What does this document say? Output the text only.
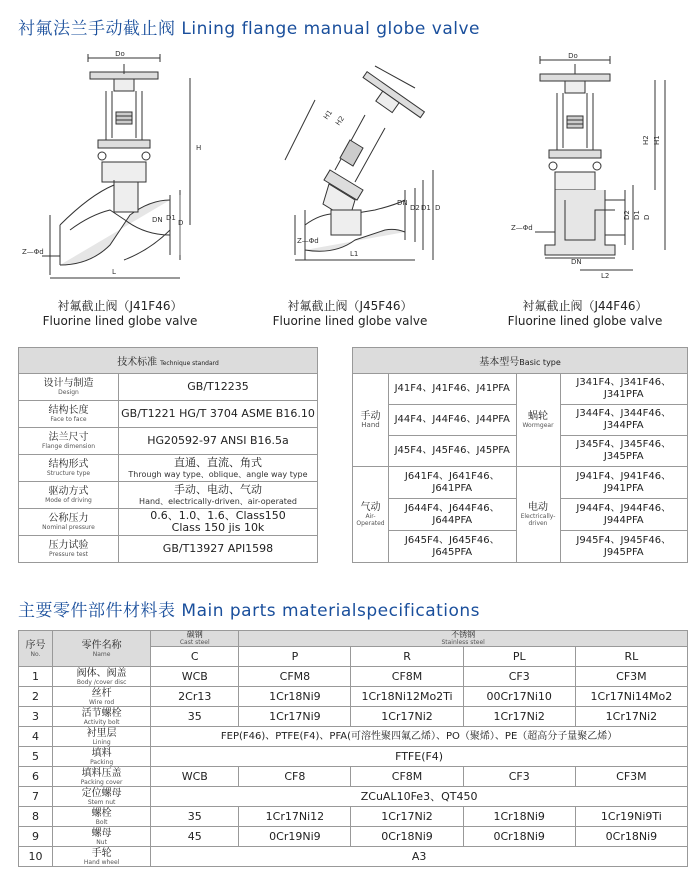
衬氟法兰手动截止阀 Lining flange manual globe valve
Do
H
D1
D
DN
L
Z—Φd
衬氟截止阀（J41F46）
Fluorine lined globe valve
H1 H2
DN
D2 D1 D
L1
Z—Φd
衬氟截止阀（J45F46）
Fluorine lined globe valve
Do
H2 H1
D2 D1 D
DN
L2
Z—Φd
衬氟截止阀（J44F46）
Fluorine lined globe valve
技术标准 Technique standard	

设计与制造
Design	GB/T12235

结构长度
Face to face	GB/T1221 HG/T 3704 ASME B16.10

法兰尺寸
Flange dimension	HG20592-97 ANSI B16.5a

结构形式
Structure type	直通、直流、角式
Through way type、oblique、angle way type

驱动方式
Mode of driving	手动、电动、气动
Hand、electrically-driven、air-operated

公称压力
Nominal pressure	0.6、1.0、1.6、Class150
Class 150 jis 10k

压力试验
Pressure test	GB/T13927 API1598
基本型号Basic type			

手动
Hand	J41F4、J41F46、J41PFA	蜗轮
Wormgear	J341F4、J341F46、J341PFA
	J44F4、J44F46、J44PFA		J344F4、J344F46、J344PFA
	J45F4、J45F46、J45PFA		J345F4、J345F46、J345PFA

气动
Air-Operated	J641F4、J641F46、J641PFA	电动
Electrically-driven	J941F4、J941F46、J941PFA
	J644F4、J644F46、J644PFA		J944F4、J944F46、J944PFA
	J645F4、J645F46、J645PFA		J945F4、J945F46、J945PFA
主要零件部件材料表 Main parts materialspecifications
序号
No.	零件名称
Name	碳钢
Cast steel	不锈钢
Stainless steel			

		C	P	R	PL	RL
1	阀体、阀盖
Body /cover disc	WCB	CFM8	CF8M	CF3	CF3M
2	丝杆
Wire rod	2Cr13	1Cr18Ni9	1Cr18Ni12Mo2Ti	00Cr17Ni10	1Cr17Ni14Mo2
3	活节螺栓
Activity bolt	35	1Cr17Ni9	1Cr17Ni2	1Cr17Ni2	1Cr17Ni2
4	衬里层
Lining	FEP(F46)、PTFE(F4)、PFA(可溶性聚四氟乙烯）、PO（聚烯）、PE（超高分子量聚乙烯）				
5	填料
Packing	FTFE(F4)				
6	填料压盖
Packing cover	WCB	CF8	CF8M	CF3	CF3M
7	定位螺母
Stem nut	ZCuAL10Fe3、QT450				
8	螺栓
Bolt	35	1Cr17Ni12	1Cr17Ni2	1Cr18Ni9	1Cr19Ni9Ti
9	螺母
Nut	45	0Cr19Ni9	0Cr18Ni9	0Cr18Ni9	0Cr18Ni9
10	手轮
Hand wheel	A3				
